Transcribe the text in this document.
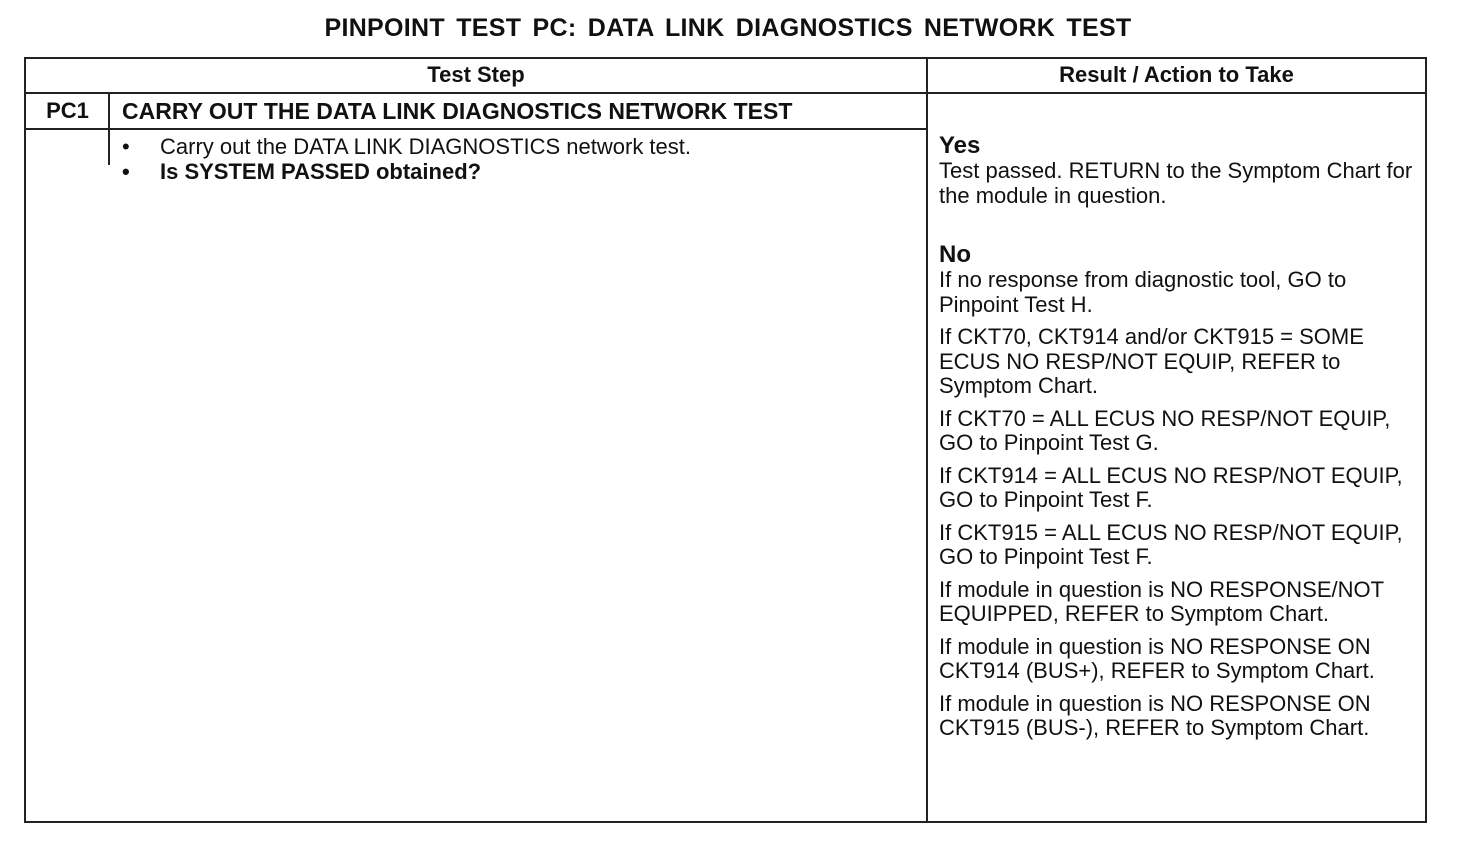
PINPOINT TEST PC: DATA LINK DIAGNOSTICS NETWORK TEST
Test Step	Result / Action to Take
PC1	CARRY OUT THE DATA LINK DIAGNOSTICS NETWORK TEST
• Carry out the DATA LINK DIAGNOSTICS network test.
• Is SYSTEM PASSED obtained?
Yes

Test passed. RETURN to the Symptom Chart for the module in question.

No

If no response from diagnostic tool, GO to Pinpoint Test H.

If CKT70, CKT914 and/or CKT915 = SOME ECUS NO RESP/NOT EQUIP, REFER to Symptom Chart.

If CKT70 = ALL ECUS NO RESP/NOT EQUIP, GO to Pinpoint Test G.

If CKT914 = ALL ECUS NO RESP/NOT EQUIP, GO to Pinpoint Test F.

If CKT915 = ALL ECUS NO RESP/NOT EQUIP, GO to Pinpoint Test F.

If module in question is NO RESPONSE/NOT EQUIPPED, REFER to Symptom Chart.

If module in question is NO RESPONSE ON CKT914 (BUS+), REFER to Symptom Chart.

If module in question is NO RESPONSE ON CKT915 (BUS-), REFER to Symptom Chart.
